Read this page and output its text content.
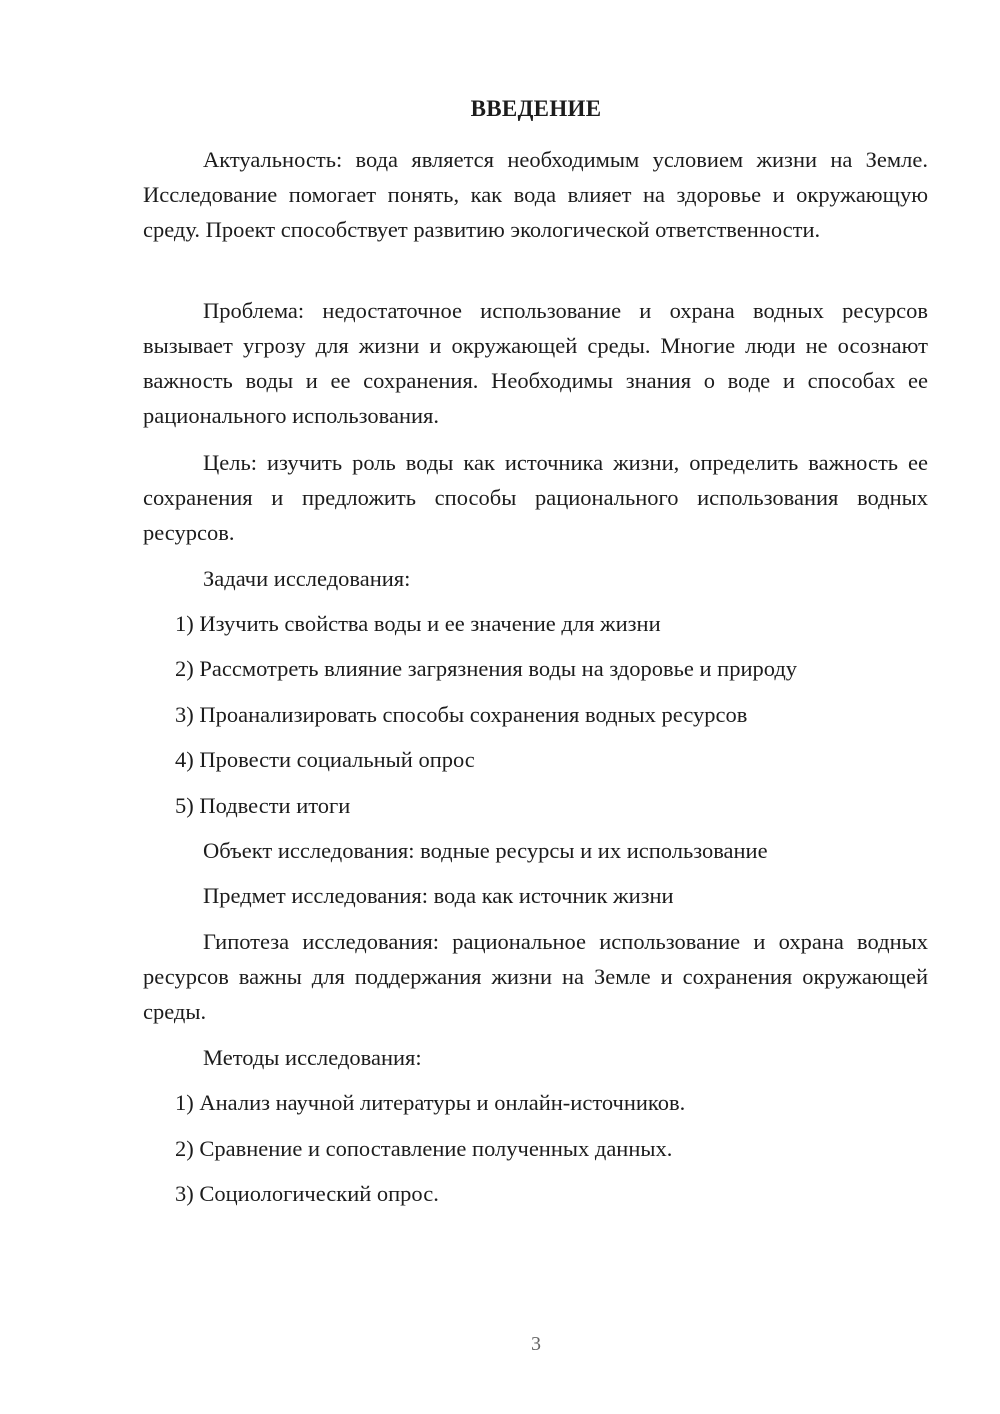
ВВЕДЕНИЕ

Актуальность: вода является необходимым условием жизни на Земле. Исследование помогает понять, как вода влияет на здоровье и окружающую среду. Проект способствует развитию экологической ответственности.

Проблема: недостаточное использование и охрана водных ресурсов вызывает угрозу для жизни и окружающей среды. Многие люди не осознают важность воды и ее сохранения. Необходимы знания о воде и способах ее рационального использования.

Цель: изучить роль воды как источника жизни, определить важность ее сохранения и предложить способы рационального использования водных ресурсов.

Задачи исследования:

1) Изучить свойства воды и ее значение для жизни

2) Рассмотреть влияние загрязнения воды на здоровье и природу

3) Проанализировать способы сохранения водных ресурсов

4) Провести социальный опрос

5) Подвести итоги

Объект исследования: водные ресурсы и их использование

Предмет исследования: вода как источник жизни

Гипотеза исследования: рациональное использование и охрана водных ресурсов важны для поддержания жизни на Земле и сохранения окружающей среды.

Методы исследования:

1) Анализ научной литературы и онлайн-источников.

2) Сравнение и сопоставление полученных данных.

3) Социологический опрос.

3
